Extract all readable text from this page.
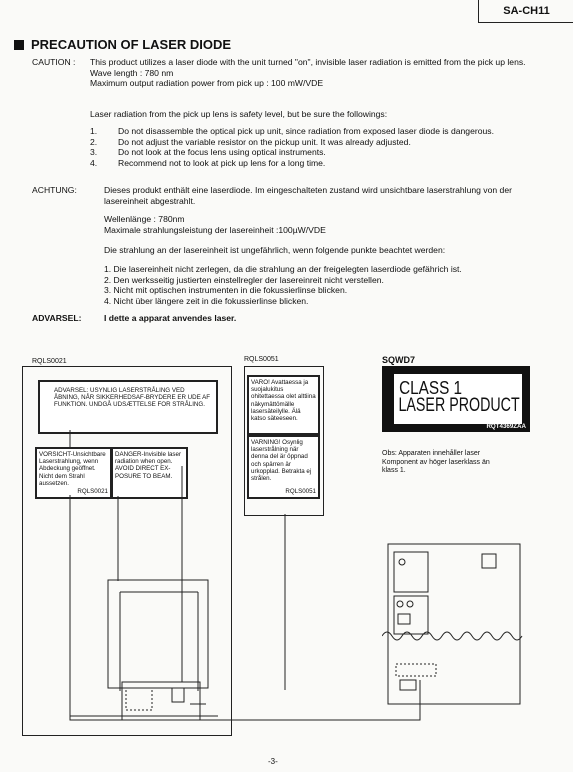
SA-CH11
PRECAUTION OF LASER DIODE
CAUTION : This product utilizes a laser diode with the unit turned "on", invisible laser radiation is emitted from the pick up lens.
Wave length : 780 nm
Maximum output radiation power from pick up : 100 mW/VDE
Laser radiation from the pick up lens is safety level, but be sure the followings:
1.	Do not disassemble the optical pick up unit, since radiation from exposed laser diode is dangerous.
2.	Do not adjust the variable resistor on the pickup unit. It was already adjusted.
3.	Do not look at the focus lens using optical instruments.
4.	Recommend not to look at pick up lens for a long time.
ACHTUNG:	Dieses produkt enthält eine laserdiode. Im eingeschalteten zustand wird unsichtbare laserstrahlung von der lasereinheit abgestrahlt.
Wellenlänge : 780nm
Maximale strahlungsleistung der lasereinheit :100µW/VDE
Die strahlung an der lasereinheit ist ungefährlich, wenn folgende punkte beachtet werden:
1. Die lasereinheit nicht zerlegen, da die strahlung an der freigelegten laserdiode gefährich ist.
2. Den werksseitig justierten einstellregler der lasereinreit nicht verstellen.
3. Nicht mit optischen instrumenten in die fokussierlinse blicken.
4. Nicht über längere zeit in die fokussierlinse blicken.
ADVARSEL:	I dette a apparat anvendes laser.
RQLS0021	RQLS0051	SQWD7
ADVARSEL: USYNLIG LASERSTRÅLING VED ÅBNING, NÅR SIKKERHEDSAF-BRYDERE ER UDE AF FUNKTION. UNDGÅ UDSÆTTELSE FOR STRÅLING.
VORSICHT-Unsichtbare Laserstrahlung, wenn Abdeckung geöffnet. Nicht dem Strahl aussetzen.
RQLS0021
DANGER-Invisible laser radiation when open. AVOID DIRECT EX-POSURE TO BEAM.
VARO! Avattaessa ja suojalukitus ohitettaessa olet alttiina näkymättömälle lasersäteilylle. Älä katso säteeseen.
VARNING! Osynlig laserstrålning när denna del är öppnad och spärren är urkopplad. Betrakta ej strålen.
RQLS0051
CLASS 1
LASER PRODUCT
RQT4369ZAA
Obs: Apparaten innehåller laser Komponent av höger laserklass än klass 1.
-3-
